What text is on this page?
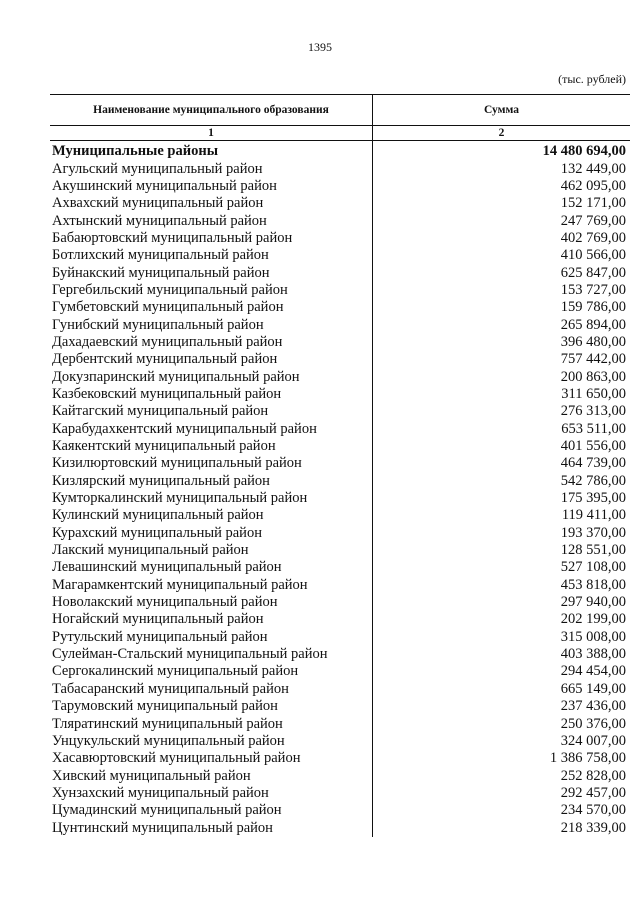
1395
(тыс. рублей)
Наименование муниципального образования	Сумма
1	2
Муниципальные районы	14 480 694,00
Агульский муниципальный район	132 449,00
Акушинский муниципальный район	462 095,00
Ахвахский муниципальный район	152 171,00
Ахтынский муниципальный район	247 769,00
Бабаюртовский муниципальный район	402 769,00
Ботлихский муниципальный район	410 566,00
Буйнакский муниципальный район	625 847,00
Гергебильский муниципальный район	153 727,00
Гумбетовский муниципальный район	159 786,00
Гунибский муниципальный район	265 894,00
Дахадаевский муниципальный район	396 480,00
Дербентский муниципальный район	757 442,00
Докузпаринский муниципальный район	200 863,00
Казбековский муниципальный район	311 650,00
Кайтагский муниципальный район	276 313,00
Карабудахкентский муниципальный район	653 511,00
Каякентский муниципальный район	401 556,00
Кизилюртовский муниципальный район	464 739,00
Кизлярский муниципальный район	542 786,00
Кумторкалинский муниципальный район	175 395,00
Кулинский муниципальный район	119 411,00
Курахский муниципальный район	193 370,00
Лакский муниципальный район	128 551,00
Левашинский муниципальный район	527 108,00
Магарамкентский муниципальный район	453 818,00
Новолакский муниципальный район	297 940,00
Ногайский муниципальный район	202 199,00
Рутульский муниципальный район	315 008,00
Сулейман-Стальский муниципальный район	403 388,00
Сергокалинский муниципальный район	294 454,00
Табасаранский муниципальный район	665 149,00
Тарумовский муниципальный район	237 436,00
Тляратинский муниципальный район	250 376,00
Унцукульский муниципальный район	324 007,00
Хасавюртовский муниципальный район	1 386 758,00
Хивский муниципальный район	252 828,00
Хунзахский муниципальный район	292 457,00
Цумадинский муниципальный район	234 570,00
Цунтинский муниципальный район	218 339,00
